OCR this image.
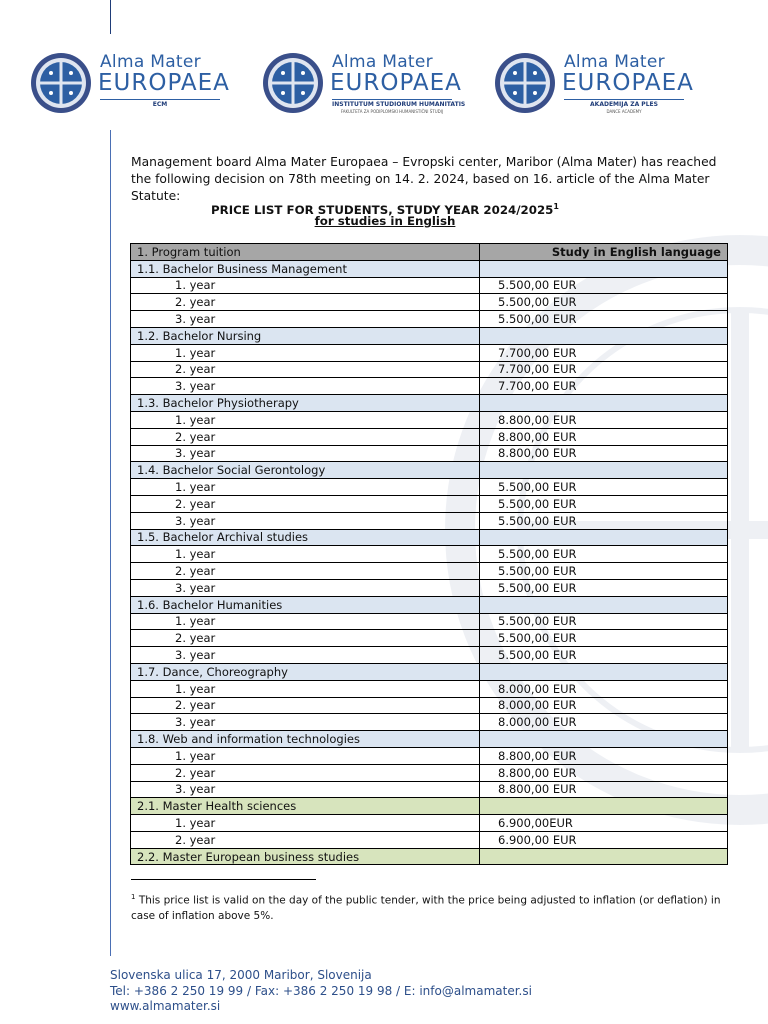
Alma Mater
EUROPAEA
ECM
Alma Mater
EUROPAEA
INSTITUTUM STUDIORUM HUMANITATIS
FAKULTETA ZA PODIPLOMSKI HUMANISTIČNI ŠTUDIJ
Alma Mater
EUROPAEA
AKADEMIJA ZA PLES
DANCE ACADEMY
Management board Alma Mater Europaea – Evropski center, Maribor (Alma Mater) has reached the following decision on 78th meeting on 14. 2. 2024, based on 16. article of the Alma Mater Statute:
PRICE LIST FOR STUDENTS, STUDY YEAR 2024/2025$^1$
for studies in English
1. Program tuition	Study in English language
1.1. Bachelor Business Management	
1. year	5.500,00 EUR
2. year	5.500,00 EUR
3. year	5.500,00 EUR
1.2. Bachelor Nursing	
1. year	7.700,00 EUR
2. year	7.700,00 EUR
3. year	7.700,00 EUR
1.3. Bachelor Physiotherapy	
1. year	8.800,00 EUR
2. year	8.800,00 EUR
3. year	8.800,00 EUR
1.4. Bachelor Social Gerontology	
1. year	5.500,00 EUR
2. year	5.500,00 EUR
3. year	5.500,00 EUR
1.5. Bachelor Archival studies	
1. year	5.500,00 EUR
2. year	5.500,00 EUR
3. year	5.500,00 EUR
1.6. Bachelor Humanities	
1. year	5.500,00 EUR
2. year	5.500,00 EUR
3. year	5.500,00 EUR
1.7. Dance, Choreography	
1. year	8.000,00 EUR
2. year	8.000,00 EUR
3. year	8.000,00 EUR
1.8. Web and information technologies	
1. year	8.800,00 EUR
2. year	8.800,00 EUR
3. year	8.800,00 EUR
2.1. Master Health sciences	
1. year	6.900,00EUR
2. year	6.900,00 EUR
2.2. Master European business studies	
$^1$ This price list is valid on the day of the public tender, with the price being adjusted to inflation (or deflation) in case of inflation above 5%.
Slovenska ulica 17, 2000 Maribor, Slovenija
Tel: +386 2 250 19 99 / Fax: +386 2 250 19 98 / E: info@almamater.si
www.almamater.si
